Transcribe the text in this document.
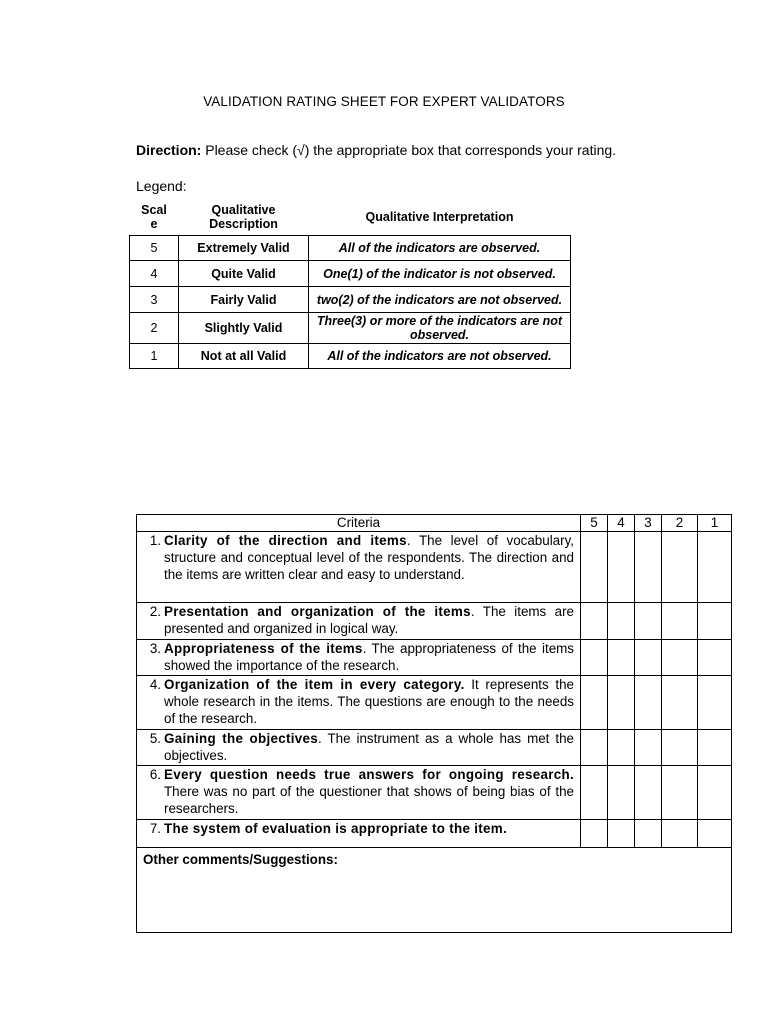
VALIDATION RATING SHEET FOR EXPERT VALIDATORS
Direction: Please check (√) the appropriate box that corresponds your rating.
Legend:
Scale	Qualitative Description	Qualitative Interpretation
5	Extremely Valid	All of the indicators are observed.
4	Quite Valid	One(1) of the indicator is not observed.
3	Fairly Valid	two(2) of the indicators are not observed.
2	Slightly Valid	Three(3) or more of the indicators are not observed.
1	Not at all Valid	All of the indicators are not observed.
Criteria	5	4	3	2	1

1. Clarity of the direction and items. The level of vocabulary, structure and conceptual level of the respondents. The direction and the items are written clear and easy to understand.					

2. Presentation and organization of the items. The items are presented and organized in logical way.					

3. Appropriateness of the items. The appropriateness of the items showed the importance of the research.					

4. Organization of the item in every category. It represents the whole research in the items. The questions are enough to the needs of the research.					

5. Gaining the objectives. The instrument as a whole has met the objectives.					

6. Every question needs true answers for ongoing research. There was no part of the questioner that shows of being bias of the researchers.					

7. The system of evaluation is appropriate to the item.					

Other comments/Suggestions:					
